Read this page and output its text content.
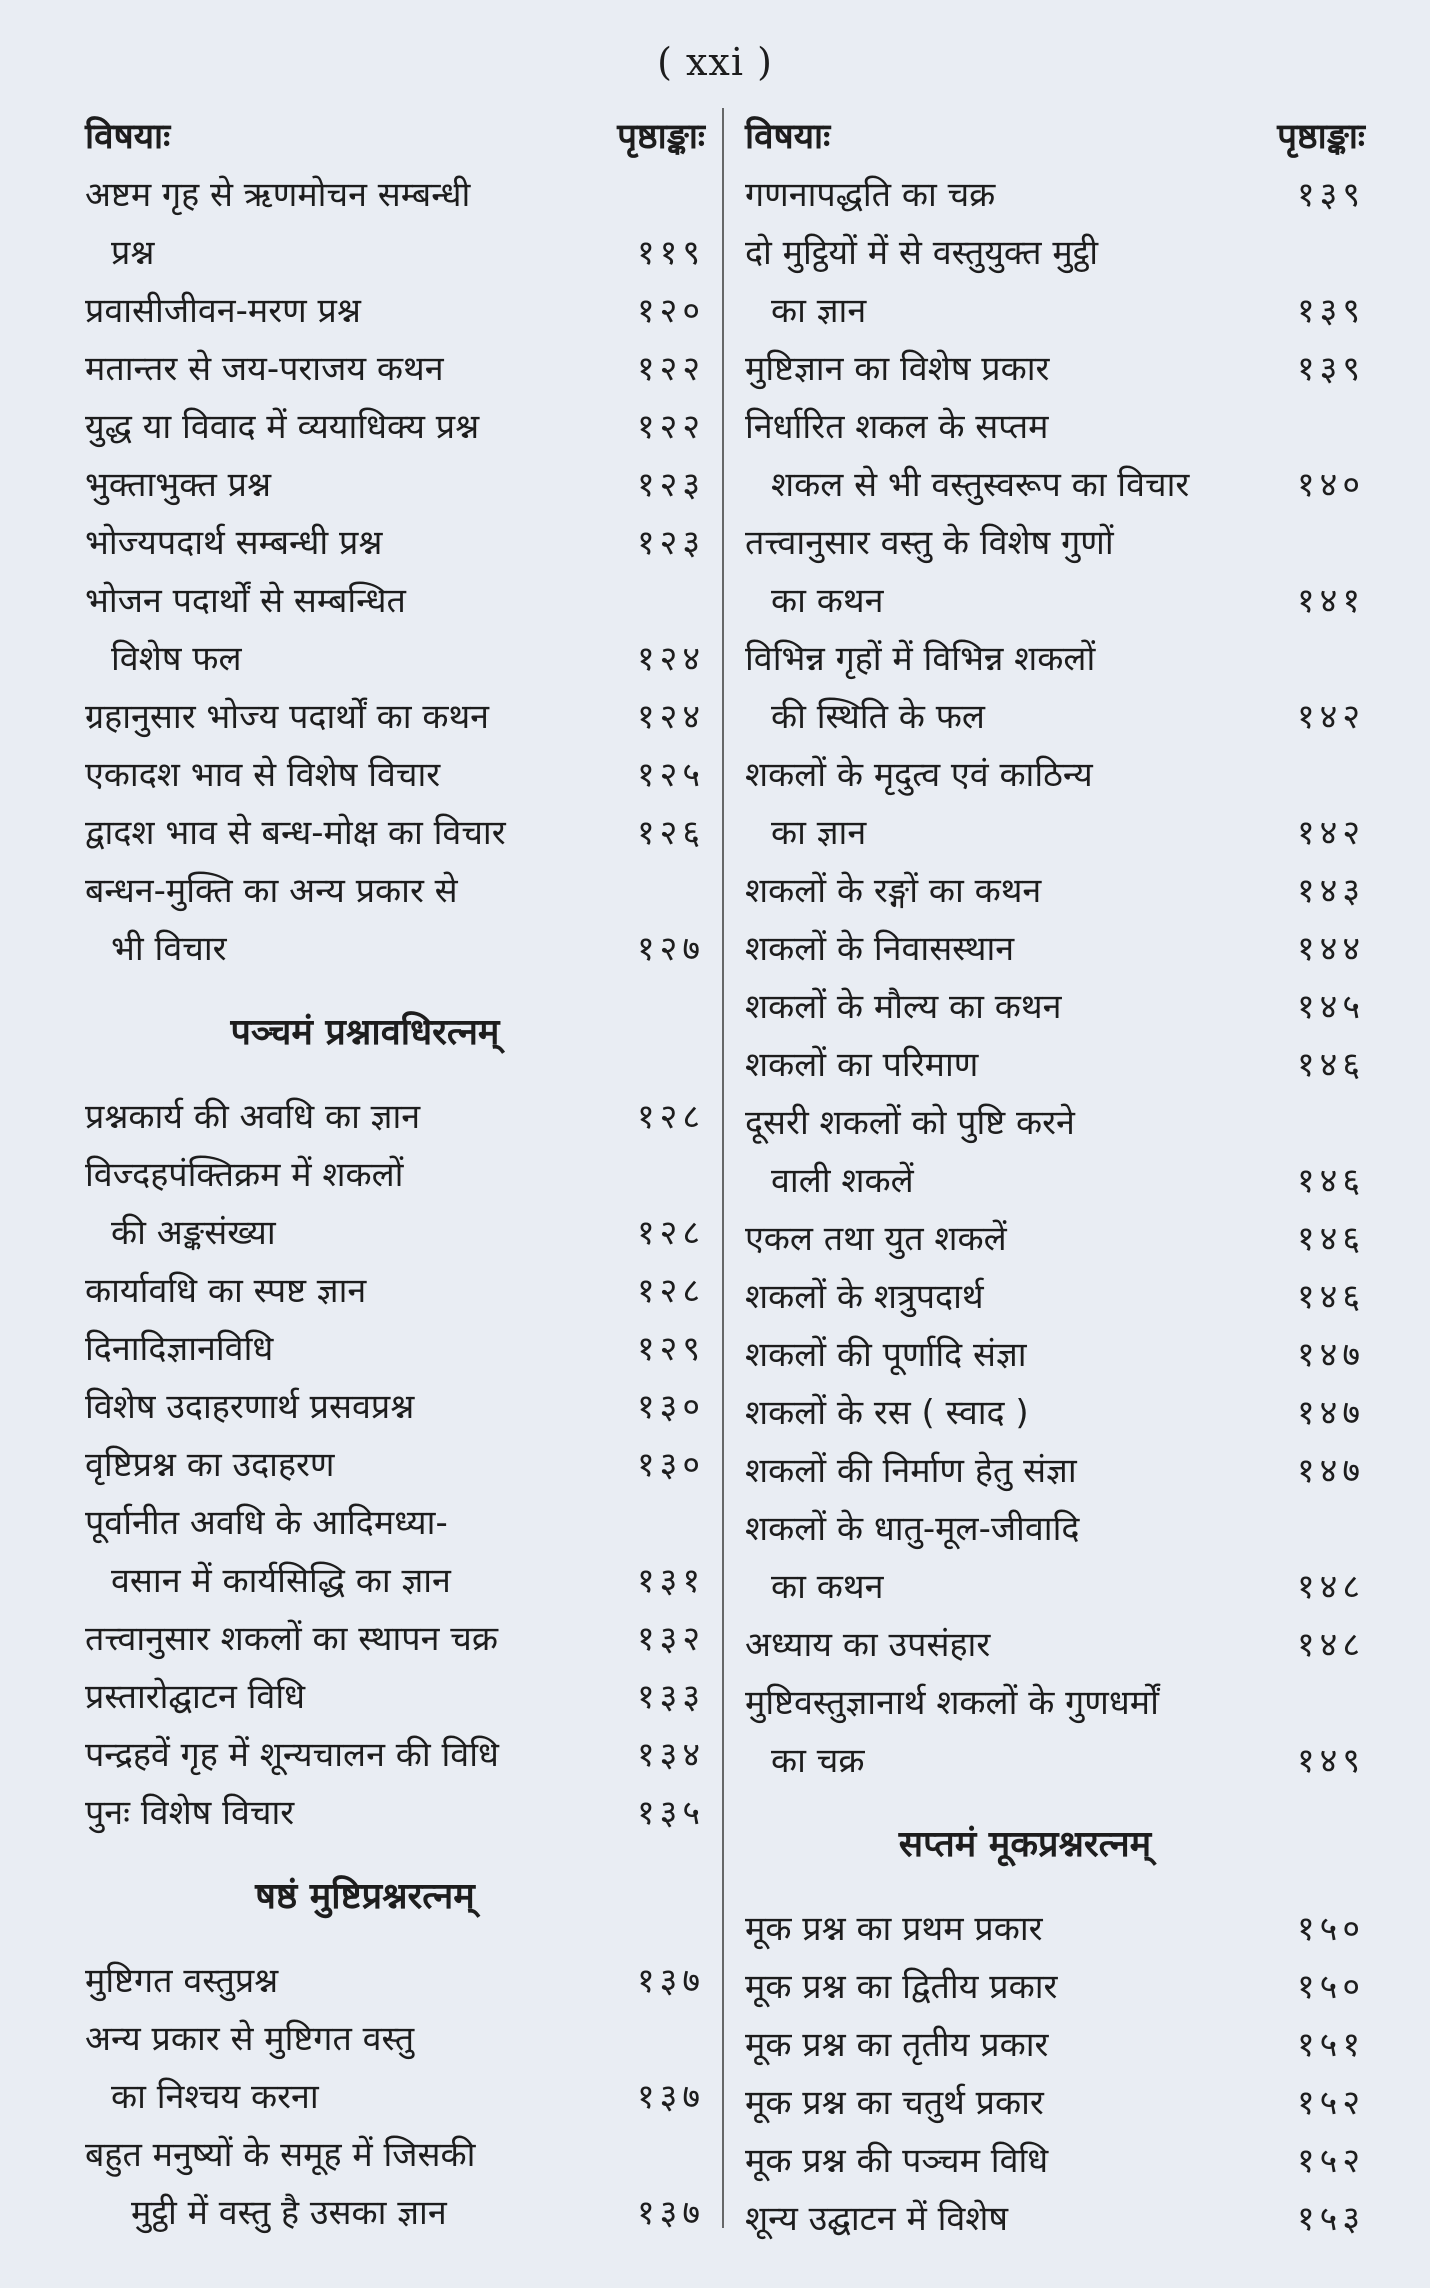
( xxi )
विषयाः	पृष्ठाङ्काः
अष्टम गृह से ऋणमोचन सम्बन्धी
प्रश्न	११९
प्रवासीजीवन-मरण प्रश्न	१२०
मतान्तर से जय-पराजय कथन	१२२
युद्ध या विवाद में व्ययाधिक्य प्रश्न	१२२
भुक्ताभुक्त प्रश्न	१२३
भोज्यपदार्थ सम्बन्धी प्रश्न	१२३
भोजन पदार्थों से सम्बन्धित
विशेष फल	१२४
ग्रहानुसार भोज्य पदार्थों का कथन	१२४
एकादश भाव से विशेष विचार	१२५
द्वादश भाव से बन्ध-मोक्ष का विचार	१२६
बन्धन-मुक्ति का अन्य प्रकार से
भी विचार	१२७
पञ्चमं प्रश्नावधिरत्नम्
प्रश्नकार्य की अवधि का ज्ञान	१२८
विज्दहपंक्तिक्रम में शकलों
की अङ्कसंख्या	१२८
कार्यावधि का स्पष्ट ज्ञान	१२८
दिनादिज्ञानविधि	१२९
विशेष उदाहरणार्थ प्रसवप्रश्न	१३०
वृष्टिप्रश्न का उदाहरण	१३०
पूर्वानीत अवधि के आदिमध्या-
वसान में कार्यसिद्धि का ज्ञान	१३१
तत्त्वानुसार शकलों का स्थापन चक्र	१३२
प्रस्तारोद्घाटन विधि	१३३
पन्द्रहवें गृह में शून्यचालन की विधि	१३४
पुनः विशेष विचार	१३५
षष्ठं मुष्टिप्रश्नरत्नम्
मुष्टिगत वस्तुप्रश्न	१३७
अन्य प्रकार से मुष्टिगत वस्तु
का निश्चय करना	१३७
बहुत मनुष्यों के समूह में जिसकी
मुट्ठी में वस्तु है उसका ज्ञान	१३७
विषयाः	पृष्ठाङ्काः
गणनापद्धति का चक्र	१३९
दो मुट्ठियों में से वस्तुयुक्त मुट्ठी
का ज्ञान	१३९
मुष्टिज्ञान का विशेष प्रकार	१३९
निर्धारित शकल के सप्तम
शकल से भी वस्तुस्वरूप का विचार	१४०
तत्त्वानुसार वस्तु के विशेष गुणों
का कथन	१४१
विभिन्न गृहों में विभिन्न शकलों
की स्थिति के फल	१४२
शकलों के मृदुत्व एवं काठिन्य
का ज्ञान	१४२
शकलों के रङ्गों का कथन	१४३
शकलों के निवासस्थान	१४४
शकलों के मौल्य का कथन	१४५
शकलों का परिमाण	१४६
दूसरी शकलों को पुष्टि करने
वाली शकलें	१४६
एकल तथा युत शकलें	१४६
शकलों के शत्रुपदार्थ	१४६
शकलों की पूर्णादि संज्ञा	१४७
शकलों के रस ( स्वाद )	१४७
शकलों की निर्माण हेतु संज्ञा	१४७
शकलों के धातु-मूल-जीवादि
का कथन	१४८
अध्याय का उपसंहार	१४८
मुष्टिवस्तुज्ञानार्थ शकलों के गुणधर्मों
का चक्र	१४९
सप्तमं मूकप्रश्नरत्नम्
मूक प्रश्न का प्रथम प्रकार	१५०
मूक प्रश्न का द्वितीय प्रकार	१५०
मूक प्रश्न का तृतीय प्रकार	१५१
मूक प्रश्न का चतुर्थ प्रकार	१५२
मूक प्रश्न की पञ्चम विधि	१५२
शून्य उद्घाटन में विशेष	१५३
